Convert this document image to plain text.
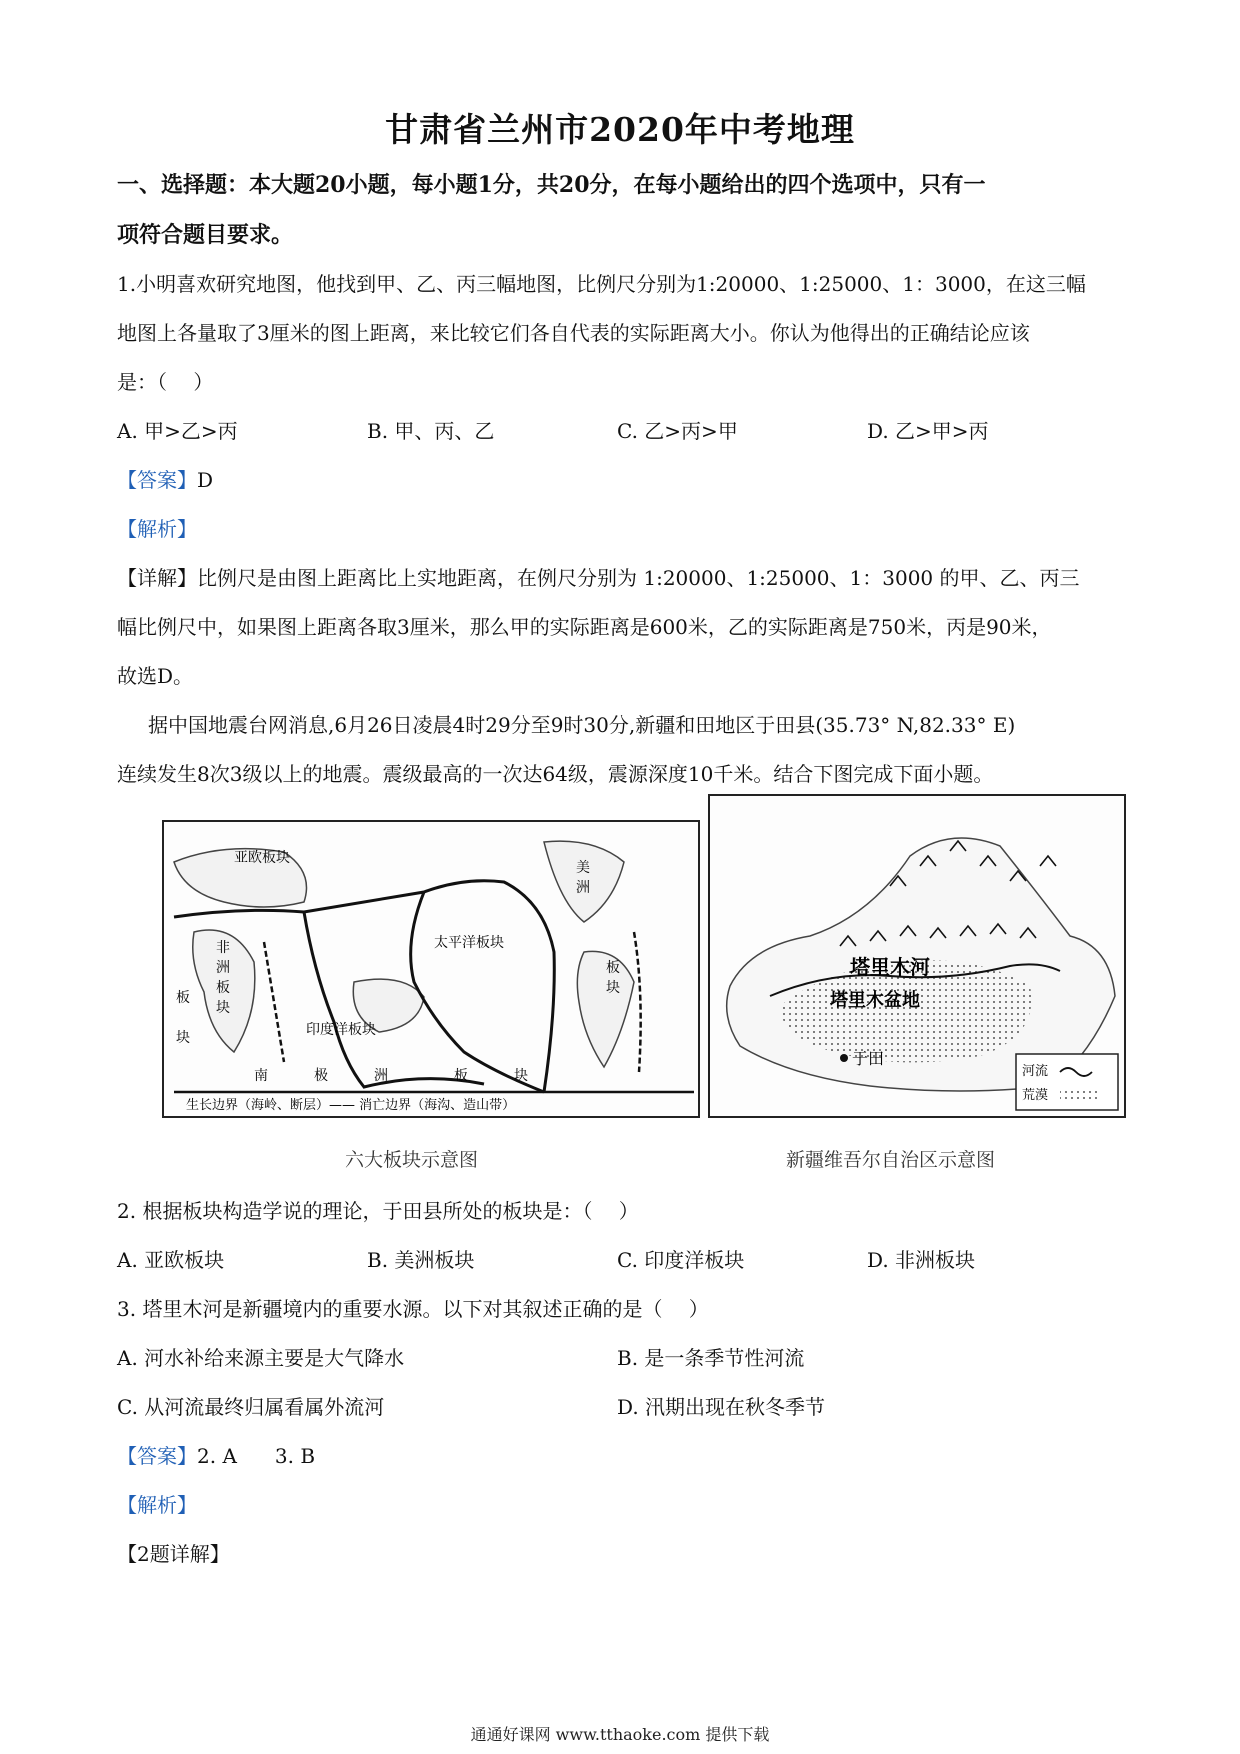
甘肃省兰州市2020年中考地理
一、选择题：本大题20小题，每小题1分，共20分，在每小题给出的四个选项中，只有一
项符合题目要求。
1.小明喜欢研究地图，他找到甲、乙、丙三幅地图，比例尺分别为1:20000、1:25000、1：3000，在这三幅
地图上各量取了3厘米的图上距离，来比较它们各自代表的实际距离大小。你认为他得出的正确结论应该
是：（　 ）
A. 甲>乙>丙	B. 甲、丙、乙	C. 乙>丙>甲	D. 乙>甲>丙
【答案】D
【解析】
【详解】比例尺是由图上距离比上实地距离，在例尺分别为 1:20000、1:25000、1：3000 的甲、乙、丙三
幅比例尺中，如果图上距离各取3厘米，那么甲的实际距离是600米，乙的实际距离是750米，丙是90米，
故选D。
据中国地震台网消息,6月26日凌晨4时29分至9时30分,新疆和田地区于田县(35.73° N,82.33° E)
连续发生8次3级以上的地震。震级最高的一次达64级，震源深度10千米。结合下图完成下面小题。
亚欧板块
太平洋板块
印度洋板块
非
洲
板
块
美
洲
板
块
南	极	洲	板	块
板
块
生长边界（海岭、断层）—— 消亡边界（海沟、造山带）
六大板块示意图
塔里木河
塔里木盆地
于田
河流
荒漠
新疆维吾尔自治区示意图
2. 根据板块构造学说的理论，于田县所处的板块是：（　 ）
A. 亚欧板块	B. 美洲板块	C. 印度洋板块	D. 非洲板块
3. 塔里木河是新疆境内的重要水源。以下对其叙述正确的是（　 ）
A. 河水补给来源主要是大气降水	B. 是一条季节性河流
C. 从河流最终归属看属外流河	D. 汛期出现在秋冬季节
【答案】2. A 3. B
【解析】
【2题详解】
通通好课网 www.tthaoke.com 提供下载
